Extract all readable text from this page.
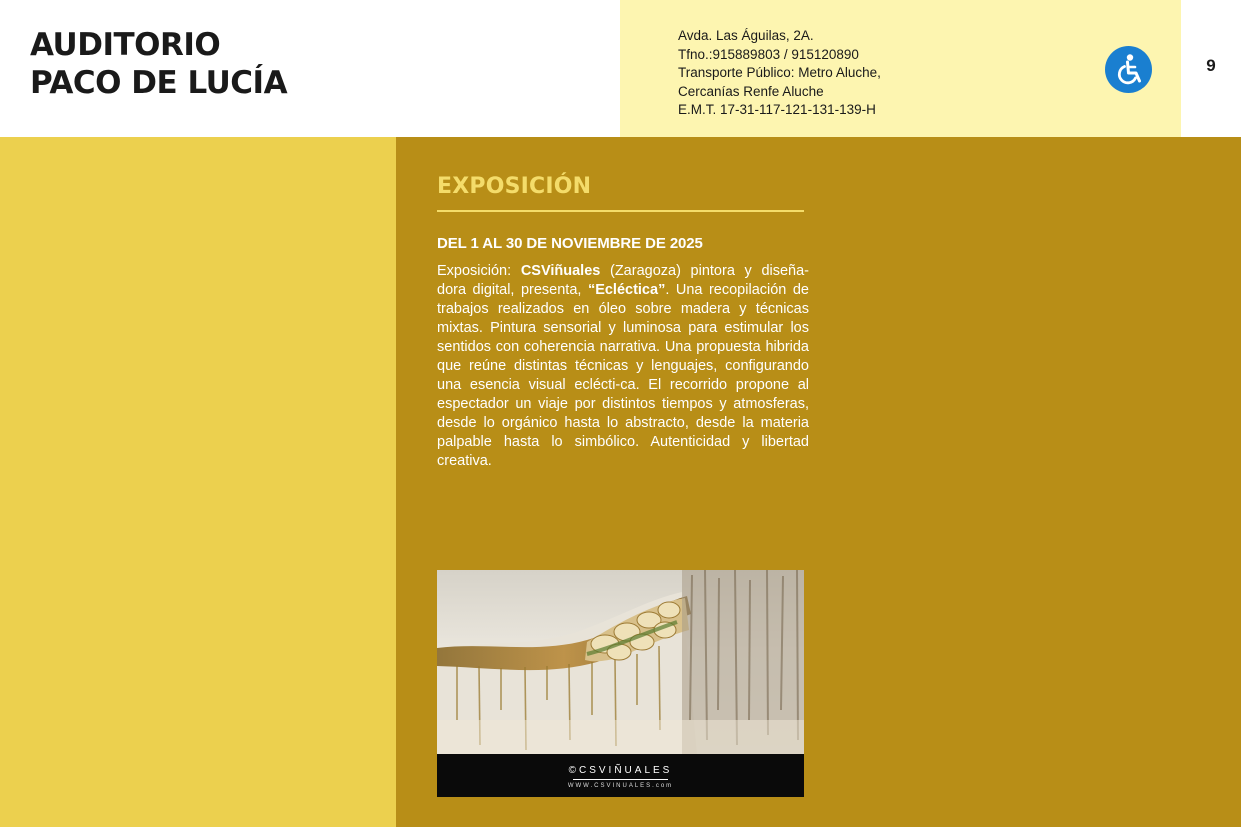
AUDITORIO
PACO DE LUCÍA
Avda. Las Águilas, 2A.
Tfno.:915889803 / 915120890
Transporte Público: Metro Aluche,
Cercanías Renfe Aluche
E.M.T. 17-31-117-121-131-139-H
9
EXPOSICIÓN
DEL 1 AL 30 DE NOVIEMBRE DE 2025
Exposición: CSViñuales (Zaragoza) pintora y diseña-dora digital, presenta, “Ecléctica”. Una recopilación de trabajos realizados en óleo sobre madera y técnicas mixtas. Pintura sensorial y luminosa para estimular los sentidos con coherencia narrativa. Una propuesta hibrida que reúne distintas técnicas y lenguajes, configurando una esencia visual eclécti-ca. El recorrido propone al espectador un viaje por distintos tiempos y atmosferas, desde lo orgánico hasta lo abstracto, desde la materia palpable hasta lo simbólico. Autenticidad y libertad creativa.
©CSVIÑUALES
WWW.CSVINUALES.com
